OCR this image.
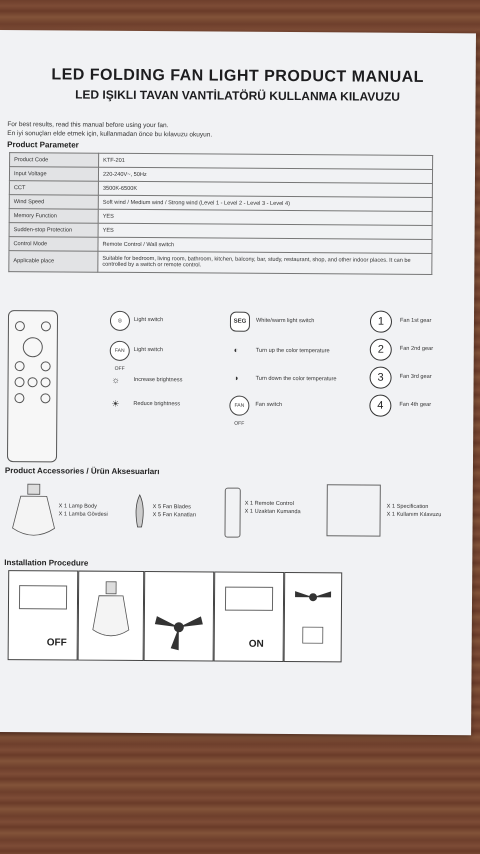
LED FOLDING FAN LIGHT PRODUCT MANUAL
LED IŞIKLI TAVAN VANTİLATÖRÜ KULLANMA KILAVUZU
For best results, read this manual before using your fan.
En iyi sonuçları elde etmek için, kullanmadan önce bu kılavuzu okuyun.
Product Parameter
Product Code	KTF-201
Input Voltage	220-240V~, 50Hz
CCT	3500K-6500K
Wind Speed	Soft wind / Medium wind / Strong wind (Level 1 - Level 2 - Level 3 - Level 4)
Memory Function	YES
Sudden-stop Protection	YES
Control Mode	Remote Control / Wall switch
Applicable place	Suitable for bedroom, living room, bathroom, kitchen, balcony, bar, study, restaurant, shop, and other indoor places. It can be controlled by a switch or remote control.
◎	Light switch
FAN OFF
Light switch
☼ Increase brightness
☀ Reduce brightness
SEG	White/warm light switch
◐	Turn up the color temperature
◑	Turn down the color temperature
FAN OFF
Fan switch
1	Fan 1st gear
2	Fan 2nd gear
3	Fan 3rd gear
4	Fan 4th gear
Product Accessories / Ürün Aksesuarları
X 1 Lamp Body
X 1 Lamba Gövdesi
X 5 Fan Blades
X 5 Fan Kanatları
X 1 Remote Control
X 1 Uzaktan Kumanda
X 1 Specification
X 1 Kullanım Kılavuzu
Installation Procedure
OFF	ON
